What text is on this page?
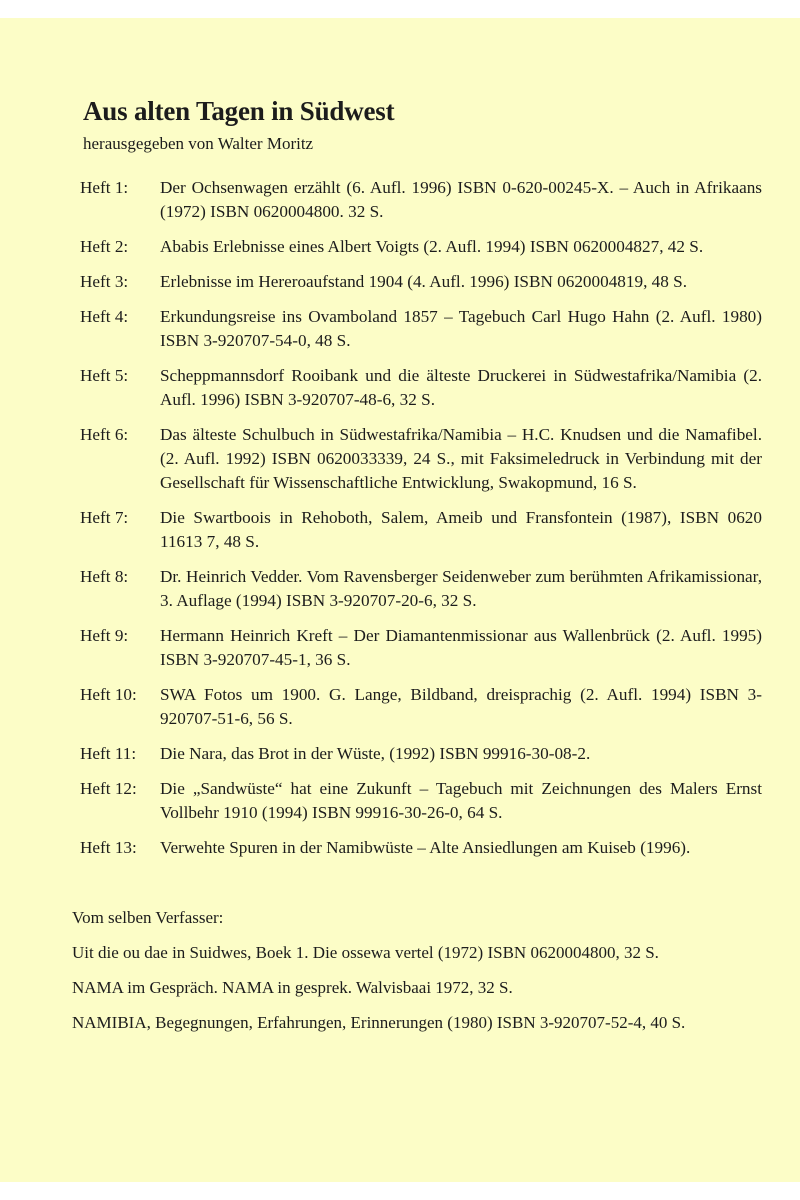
Aus alten Tagen in Südwest

herausgegeben von Walter Moritz

Heft 1:	Der Ochsenwagen erzählt (6. Aufl. 1996) ISBN 0-620-00245-X. – Auch in Afrikaans (1972) ISBN 0620004800. 32 S.
Heft 2:	Ababis Erlebnisse eines Albert Voigts (2. Aufl. 1994) ISBN 0620004827, 42 S.
Heft 3:	Erlebnisse im Hereroaufstand 1904 (4. Aufl. 1996) ISBN 0620004819, 48 S.
Heft 4:	Erkundungsreise ins Ovamboland 1857 – Tagebuch Carl Hugo Hahn (2. Aufl. 1980) ISBN 3-920707-54-0, 48 S.
Heft 5:	Scheppmannsdorf Rooibank und die älteste Druckerei in Südwestafrika/Namibia (2. Aufl. 1996) ISBN 3-920707-48-6, 32 S.
Heft 6:	Das älteste Schulbuch in Südwestafrika/Namibia – H.C. Knudsen und die Namafibel. (2. Aufl. 1992) ISBN 0620033339, 24 S., mit Faksimeledruck in Verbindung mit der Gesellschaft für Wissenschaftliche Entwicklung, Swakopmund, 16 S.
Heft 7:	Die Swartboois in Rehoboth, Salem, Ameib und Fransfontein (1987), ISBN 0620 11613 7, 48 S.
Heft 8:	Dr. Heinrich Vedder. Vom Ravensberger Seidenweber zum berühmten Afrikamissionar, 3. Auflage (1994) ISBN 3-920707-20-6, 32 S.
Heft 9:	Hermann Heinrich Kreft – Der Diamantenmissionar aus Wallenbrück (2. Aufl. 1995) ISBN 3-920707-45-1, 36 S.
Heft 10:	SWA Fotos um 1900. G. Lange, Bildband, dreisprachig (2. Aufl. 1994) ISBN 3-920707-51-6, 56 S.
Heft 11:	Die Nara, das Brot in der Wüste, (1992) ISBN 99916-30-08-2.
Heft 12:	Die „Sandwüste“ hat eine Zukunft – Tagebuch mit Zeichnungen des Malers Ernst Vollbehr 1910 (1994) ISBN 99916-30-26-0, 64 S.
Heft 13:	Verwehte Spuren in der Namibwüste – Alte Ansiedlungen am Kuiseb (1996).

Vom selben Verfasser:

Uit die ou dae in Suidwes, Boek 1. Die ossewa vertel (1972) ISBN 0620004800, 32 S.

NAMA im Gespräch. NAMA in gesprek. Walvisbaai 1972, 32 S.

NAMIBIA, Begegnungen, Erfahrungen, Erinnerungen (1980) ISBN 3-920707-52-4, 40 S.
